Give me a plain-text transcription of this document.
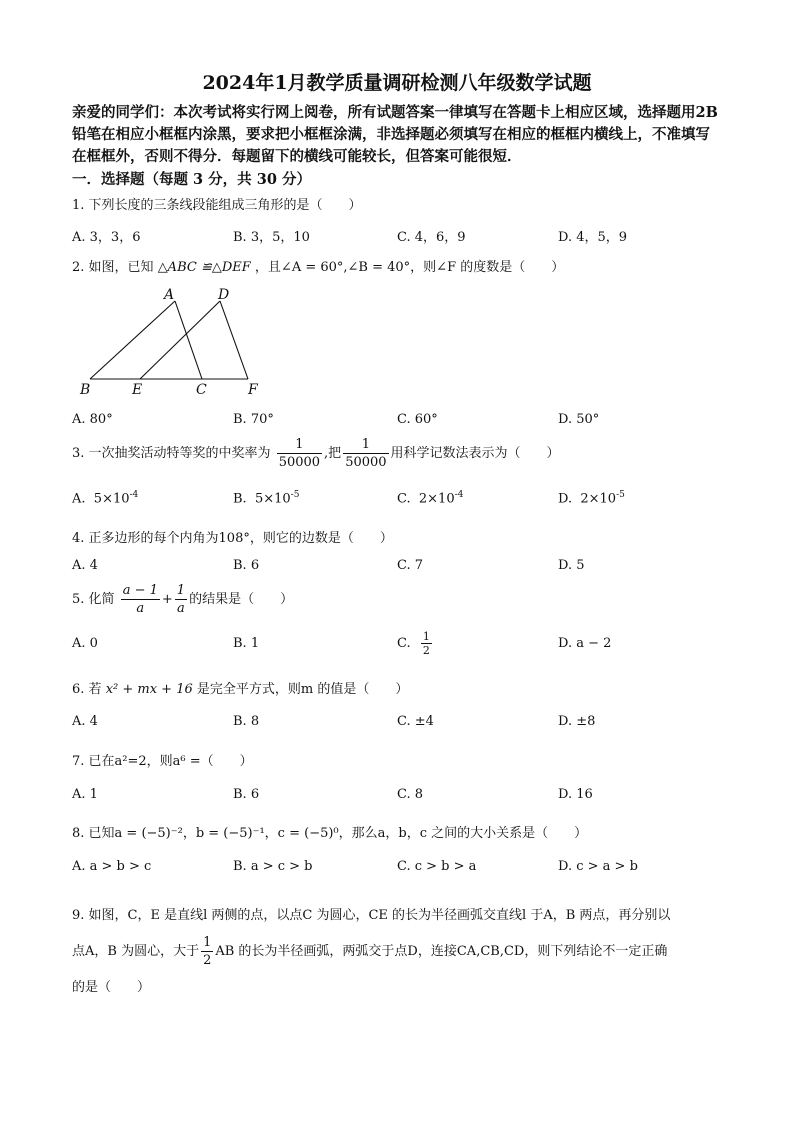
2024年1月教学质量调研检测八年级数学试题
亲爱的同学们：本次考试将实行网上阅卷，所有试题答案一律填写在答题卡上相应区域，选择题用2B铅笔在相应小框框内涂黑，要求把小框框涂满，非选择题必须填写在相应的框框内横线上，不准填写在框框外，否则不得分．每题留下的横线可能较长，但答案可能很短．
一．选择题（每题 3 分，共 30 分）
1. 下列长度的三条线段能组成三角形的是（　　）
A. 3，3，6	B. 3，5，10	C. 4，6，9	D. 4，5，9
2. 如图，已知 △ABC ≌△DEF ，且∠A = 60°,∠B = 40°，则∠F 的度数是（　　）
A	D
B	E	C	F
A. 80°	B. 70°	C. 60°	D. 50°
3. 一次抽奖活动特等奖的中奖率为 $\frac{1}{50000}$ ,把 $\frac{1}{50000}$ 用科学记数法表示为（　　）
A. $5\times 10^{-4}$	B. $5\times 10^{-5}$	C. $2\times 10^{-4}$	D. $2\times 10^{-5}$
4. 正多边形的每个内角为108°，则它的边数是（　　）
A. 4	B. 6	C. 7	D. 5
5. 化简 $\frac{a - 1}{a} + \frac{1}{a}$ 的结果是（　　）
A. 0	B. 1	C. $\frac{1}{2}$	D. a − 2
6. 若 x² + mx + 16 是完全平方式，则m 的值是（　　）
A. 4	B. 8	C. ±4	D. ±8
7. 已在a²=2，则a⁶ =（　　）
A. 1	B. 6	C. 8	D. 16
8. 已知a = (−5)⁻²，b = (−5)⁻¹，c = (−5)⁰，那么a，b，c 之间的大小关系是（　　）
A. a > b > c	B. a > c > b	C. c > b > a	D. c > a > b
9. 如图，C，E 是直线l 两侧的点，以点C 为圆心，CE 的长为半径画弧交直线l 于A，B 两点，再分别以
点A，B 为圆心，大于 $\frac{1}{2}$ AB 的长为半径画弧，两弧交于点D，连接CA,CB,CD，则下列结论不一定正确
的是（　　）
